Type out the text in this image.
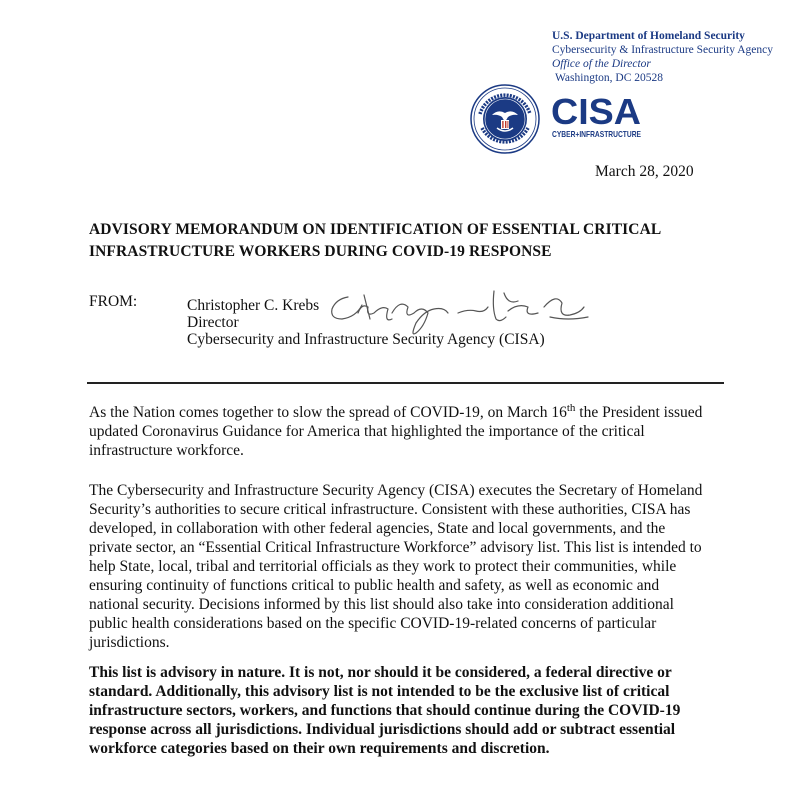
U.S. Department of Homeland Security
Cybersecurity & Infrastructure Security Agency
Office of the Director
Washington, DC 20528
CISA
CYBER+INFRASTRUCTURE
March 28, 2020
ADVISORY MEMORANDUM ON IDENTIFICATION OF ESSENTIAL CRITICAL
INFRASTRUCTURE WORKERS DURING COVID-19 RESPONSE
FROM:	Christopher C. Krebs
Director
Cybersecurity and Infrastructure Security Agency (CISA)

As the Nation comes together to slow the spread of COVID-19, on March 16th the President issued updated Coronavirus Guidance for America that highlighted the importance of the critical infrastructure workforce.

The Cybersecurity and Infrastructure Security Agency (CISA) executes the Secretary of Homeland Security’s authorities to secure critical infrastructure. Consistent with these authorities, CISA has developed, in collaboration with other federal agencies, State and local governments, and the private sector, an “Essential Critical Infrastructure Workforce” advisory list. This list is intended to help State, local, tribal and territorial officials as they work to protect their communities, while ensuring continuity of functions critical to public health and safety, as well as economic and national security. Decisions informed by this list should also take into consideration additional public health considerations based on the specific COVID-19-related concerns of particular jurisdictions.

This list is advisory in nature. It is not, nor should it be considered, a federal directive or standard. Additionally, this advisory list is not intended to be the exclusive list of critical infrastructure sectors, workers, and functions that should continue during the COVID-19 response across all jurisdictions. Individual jurisdictions should add or subtract essential workforce categories based on their own requirements and discretion.
